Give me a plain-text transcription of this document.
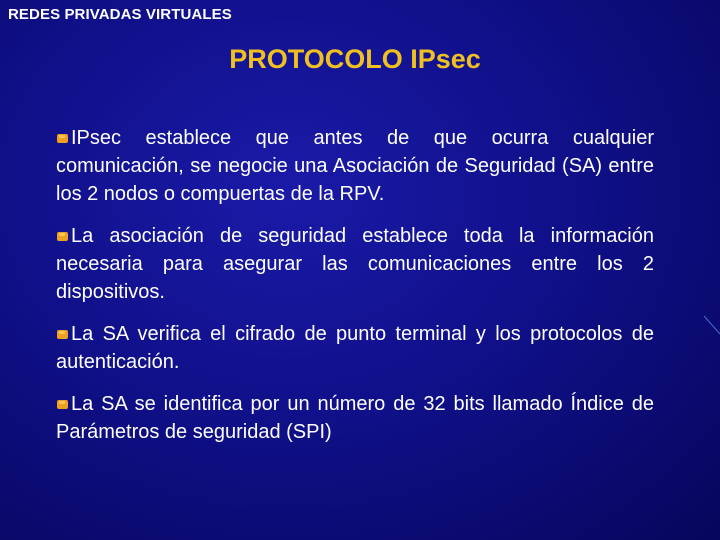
REDES PRIVADAS VIRTUALES
PROTOCOLO IPsec

IPsec establece que antes de que ocurra cualquier comunicación, se negocie una Asociación de Seguridad (SA) entre los 2 nodos o compuertas de la RPV.

La asociación de seguridad establece toda la información necesaria para asegurar las comunicaciones entre los 2 dispositivos.

La SA verifica el cifrado de punto terminal y los protocolos de autenticación.

La SA se identifica por un número de 32 bits llamado Índice de Parámetros de seguridad (SPI)
